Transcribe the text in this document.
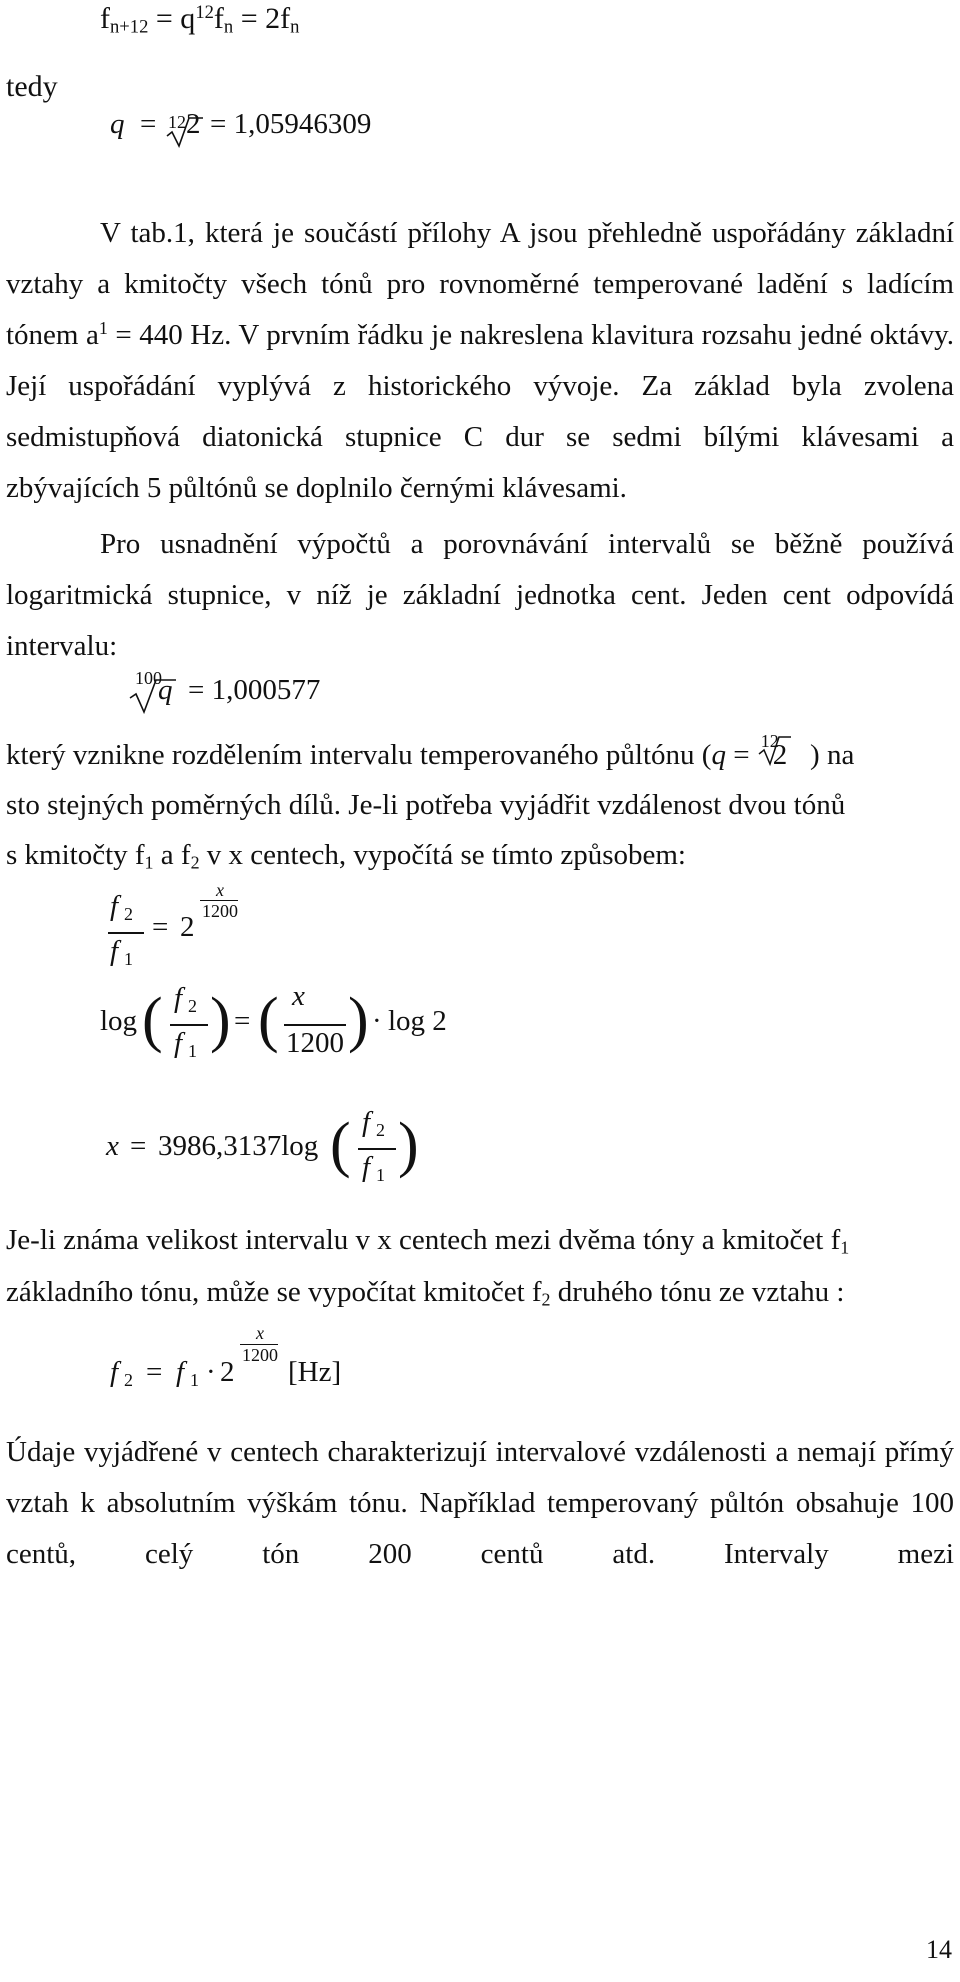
$f_{n+12} = q^{12}f_n = 2f_n$
tedy
q = 12 2 = 1,05946309
V tab.1, která je součástí přílohy A jsou přehledně uspořádány základní vztahy a kmitočty všech tónů pro rovnoměrné temperované ladění s ladícím tónem $a^1 = 440$ Hz. V prvním řádku je nakreslena klavitura rozsahu jedné oktávy. Její uspořádání vyplývá z historického vývoje. Za základ byla zvolena sedmistupňová diatonická stupnice C dur se sedmi bílými klávesami a zbývajících 5 půltónů se doplnilo černými klávesami.
Pro usnadnění výpočtů a porovnávání intervalů se běžně používá logaritmická stupnice, v níž je základní jednotka cent. Jeden cent odpovídá intervalu:
100
q = 1,000577
který vznikne rozdělením intervalu temperovaného půltónu (q = 12
2 ) na
sto stejných poměrných dílů. Je-li potřeba vyjádřit vzdálenost dvou tónů
s kmitočty $f_1$ a $f_2$ v x centech, vypočítá se tímto způsobem:
f 2
f 1
= 2
x
1200
log ( f 2
f 1 ) = ( x
1200 ) · log 2
x = 3986,3137log ( f 2
f 1 )
Je-li známa velikost intervalu v x centech mezi dvěma tóny a kmitočet $f_1$
základního tónu, může se vypočítat kmitočet $f_2$ druhého tónu ze vztahu :
f 2 = f 1 · 2
x
1200
[Hz]
Údaje vyjádřené v centech charakterizují intervalové vzdálenosti a nemají přímý vztah k absolutním výškám tónu. Například temperovaný půltón obsahuje 100 centů, celý tón 200 centů atd. Intervaly mezi
14
